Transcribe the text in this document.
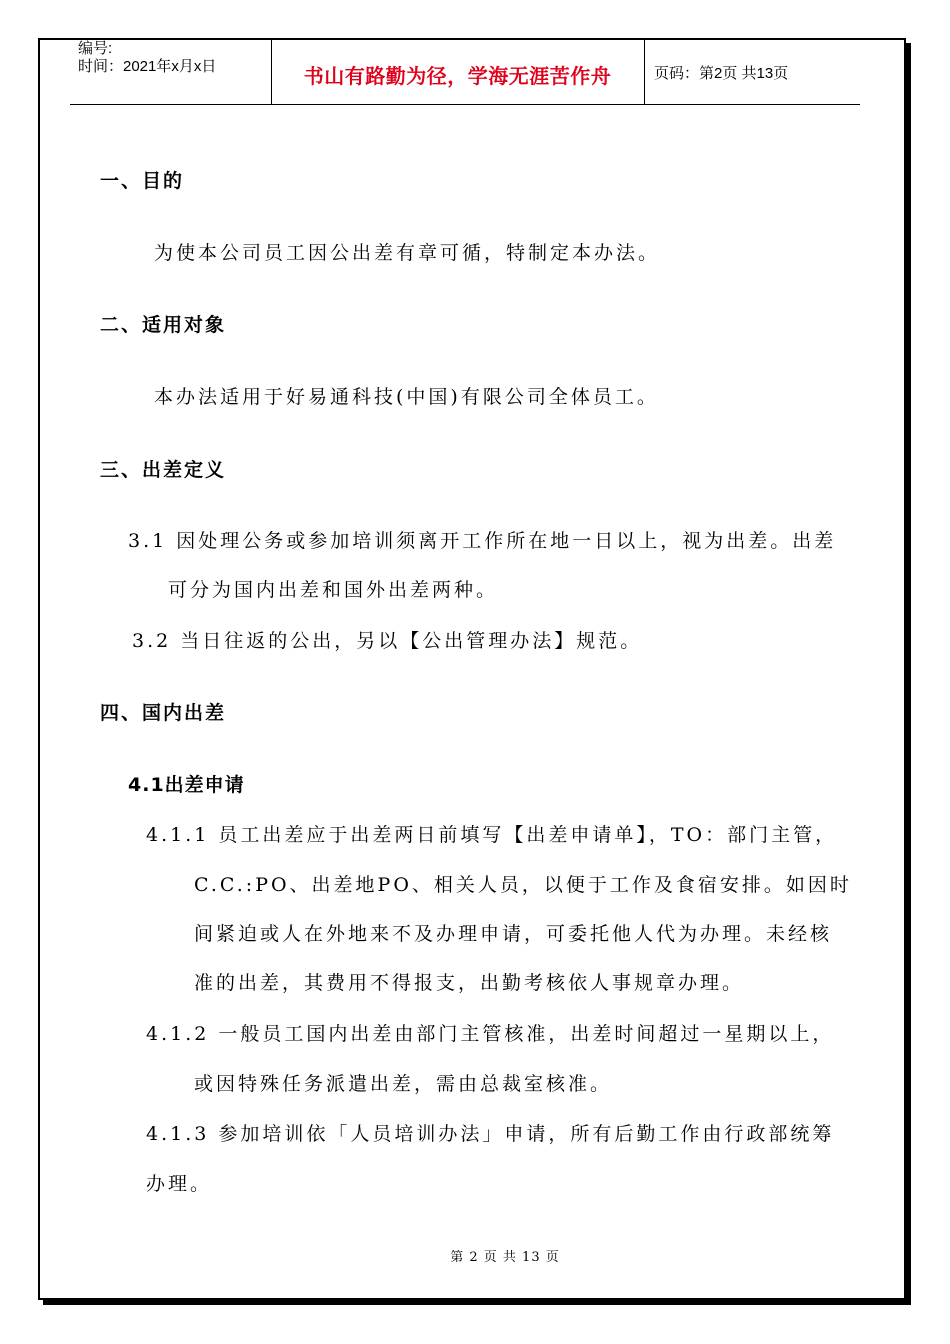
编号:
时间：2021年x月x日	书山有路勤为径，学海无涯苦作舟	页码：第2页 共13页
一、目的
为使本公司员工因公出差有章可循，特制定本办法。
二、适用对象
本办法适用于好易通科技(中国)有限公司全体员工。
三、出差定义
3.1 因处理公务或参加培训须离开工作所在地一日以上，视为出差。出差
可分为国内出差和国外出差两种。
3.2 当日往返的公出，另以【公出管理办法】规范。
四、国内出差
4.1出差申请
4.1.1 员工出差应于出差两日前填写【出差申请单】，TO：部门主管，
C.C.:PO、出差地PO、相关人员，以便于工作及食宿安排。如因时
间紧迫或人在外地来不及办理申请，可委托他人代为办理。未经核
准的出差，其费用不得报支，出勤考核依人事规章办理。
4.1.2 一般员工国内出差由部门主管核准，出差时间超过一星期以上，
或因特殊任务派遣出差，需由总裁室核准。
4.1.3 参加培训依「人员培训办法」申请，所有后勤工作由行政部统筹
办理。
第 2 页 共 13 页
